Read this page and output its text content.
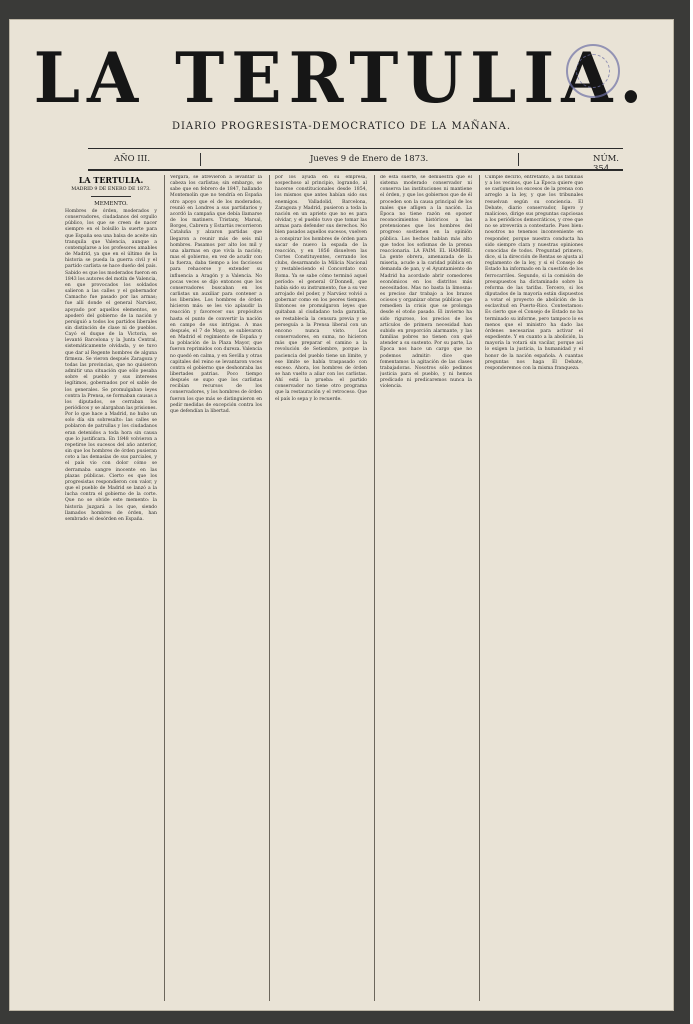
LA TERTULIA.
DIARIO PROGRESISTA-DEMOCRATICO DE LA MAÑANA.
AÑO III.	Jueves 9 de Enero de 1873.	NÚM.
LA TERTULIA.
MADRID 9 DE ENERO DE 1873.
MEMENTO.
Hombres de órden, moderados y conservadores, ciudadanos del orgullo público, los que se creen de nacer siempre en el bolsillo la suerte para que España sea una balsa de aceite sin tranquila que Valencia, aunque a contemplarse a los profesores amables de Madrid, ya que en el último de la historia se pueda la guerra civil y el partido carlista se hace dueño del país. Sabido es que los moderados fueron en 1843 los autores del motín de Valencia, en que provocados los soldados salieron a las calles y el gobernador Camacho fue pasado por las armas; fue allí donde el general Narváez, apoyado por aquellos elementos, se apoderó del gobierno de la nación y persiguió a todos los partidos liberales sin distinción de clase ni de pueblos. Cayó el duque de la Victoria, se levantó Barcelona y la Junta Central, sistemáticamente olvidada, y se tuvo que dar al Regente hombres de alguna firmeza. Se vieron después Zaragoza y todas las provincias, que no quisieron admitir una situación que sólo pesaba sobre el pueblo y sus intereses legítimos, gobernados por el sable de los generales. Se promulgaban leyes contra la Prensa, se formaban causas a los diputados, se cerraban los periódicos y se alargaban las prisiones. Por lo que hace a Madrid, no hubo un solo día sin sobresalto: las calles se poblaron de patrullas y los ciudadanos eran detenidos a toda hora sin causa que lo justificara. En 1848 volvieron a repetirse los sucesos del año anterior, sin que los hombres de órden pusieran coto a las demasías de sus parciales, y el país vio con dolor cómo se derramaba sangre inocente en las plazas públicas. Cierto es que los progresistas respondieron con valor, y que el pueblo de Madrid se lanzó a la lucha contra el gobierno de la corte. Que no se olvide este memento: la historia juzgará a los que, siendo llamados hombres de órden, han sembrado el desórden en España.
Vergara, se atrevieron a levantar la cabeza los carlistas; sin embargo, se sabe que en febrero de 1847, hallando Montemolín que no tendría en España otro apoyo que el de los moderados, reunió en Londres a sus partidarios y acordó la campaña que debía llamarse de los matiners. Tristany, Marsal, Borges, Cabrera y Estartús recorrieron Cataluña y alzaron partidas que llegaron a reunir más de seis mil hombres. Pasamos por alto los mil y una alarmas en que vivía la nación; mas el gobierno, en vez de acudir con la fuerza, daba tiempo a los facciosos para rehacerse y extender su influencia a Aragón y a Valencia. No pocas veces se dijo entonces que los conservadores buscaban en los carlistas un auxiliar para contener a los liberales. Los hombres de órden hicieron más: se les vio aplaudir la reacción y favorecer sus propósitos hasta el punto de convertir la nación en campo de sus intrigas. A mas después, el 7 de Mayo, se sublevaron en Madrid el regimiento de España y la población de la Plaza Mayor, que fueron reprimidos con dureza. Valencia no quedó en calma, y en Sevilla y otras capitales del reino se levantaron voces contra el gobierno que deshonraba las libertades patrias. Poco tiempo después se supo que los carlistas recibían recursos de los conservadores, y los hombres de órden fueron los que más se distinguieron en pedir medidas de excepción contra los que defendían la libertad.
por los ayuda en su empresa, sospechoso al principio, logrando, al hacerse constitucionales desde 1854, los mismos que antes habían sido sus enemigos. Valladolid, Barcelona, Zaragoza y Madrid, pusieron a toda la nación en un aprieto que no es para olvidar, y el pueblo tuvo que tomar las armas para defender sus derechos. No bien pasados aquellos sucesos, vuelven a conspirar los hombres de órden para sacar de nuevo la espada de la reacción, y en 1856 disuelven las Cortes Constituyentes, cerrando los clubs, desarmando la Milicia Nacional y restableciendo el Concordato con Roma. Ya se sabe cómo terminó aquel período: el general O'Donnell, que había sido su instrumento, fue a su vez arrojado del poder, y Narváez volvió a gobernar como en los peores tiempos. Entonces se promulgaron leyes que quitaban al ciudadano toda garantía, se restablecía la censura previa y se perseguía a la Prensa liberal con un encono nunca visto. Los conservadores, en suma, no hicieron más que preparar el camino a la revolución de Setiembre, porque la paciencia del pueblo tiene un límite, y ese límite se había traspasado con exceso. Ahora, los hombres de órden se han vuelto a aliar con los carlistas. Ahí está la prueba: el partido conservador no tiene otro programa que la restauración y el retroceso. Que el país lo sepa y lo recuerde.
de esta suerte, se demuestra que el sistema moderado conservador ni conserva las instituciones ni mantiene el órden, y que los gobiernos que de él proceden son la causa principal de los males que afligen a la nación. La Época no tiene razón en oponer reconocimientos históricos a las pretensiones que los hombres del progreso sostienen en la opinión pública. Los hechos hablan más alto que todos los sofismas de la prensa reaccionaria. LA FAIM. EL HAMBRE. La gente obrera, amenazada de la miseria, acude a la caridad pública en demanda de pan, y el Ayuntamiento de Madrid ha acordado abrir comedores económicos en los distritos más necesitados. Mas no basta la limosna: es preciso dar trabajo a los brazos ociosos y organizar obras públicas que remedien la crisis que se prolonga desde el otoño pasado. El invierno ha sido riguroso, los precios de los artículos de primera necesidad han subido en proporción alarmante, y las familias pobres no tienen con qué atender a su sustento. Por su parte, La Época nos hace un cargo que no podemos admitir: dice que fomentamos la agitación de las clases trabajadoras. Nosotros sólo pedimos justicia para el pueblo, y ni hemos predicado ni predicaremos nunca la violencia.
Cumple decirlo, entretanto, a las familias y a los vecinos, que La Época quiere que se castiguen los excesos de la prensa con arreglo a la ley, y que los tribunales resuelvan según su conciencia. El Debate, diario conservador, ligero y malicioso, dirige sus preguntas capciosas a los periódicos democráticos, y cree que no se atreverán a contestarle. Pues bien: nosotros no tenemos inconveniente en responder, porque nuestra conducta ha sido siempre clara y nuestras opiniones conocidas de todos. Preguntad primero, dice, si la dirección de Rentas se ajusta al reglamento de la ley, y si el Consejo de Estado ha informado en la cuestión de los ferrocarriles. Segundo, si la comisión de presupuestos ha dictaminado sobre la reforma de las tarifas. Tercero, si los diputados de la mayoría están dispuestos a votar el proyecto de abolición de la esclavitud en Puerto-Rico. Contestamos: Es cierto que el Consejo de Estado no ha terminado su informe, pero tampoco lo es menos que el ministro ha dado las órdenes necesarias para activar el expediente. Y en cuanto a la abolición, la mayoría la votará sin vacilar, porque así lo exigen la justicia, la humanidad y el honor de la nación española. A cuantas preguntas nos haga El Debate, responderemos con la misma franqueza.
